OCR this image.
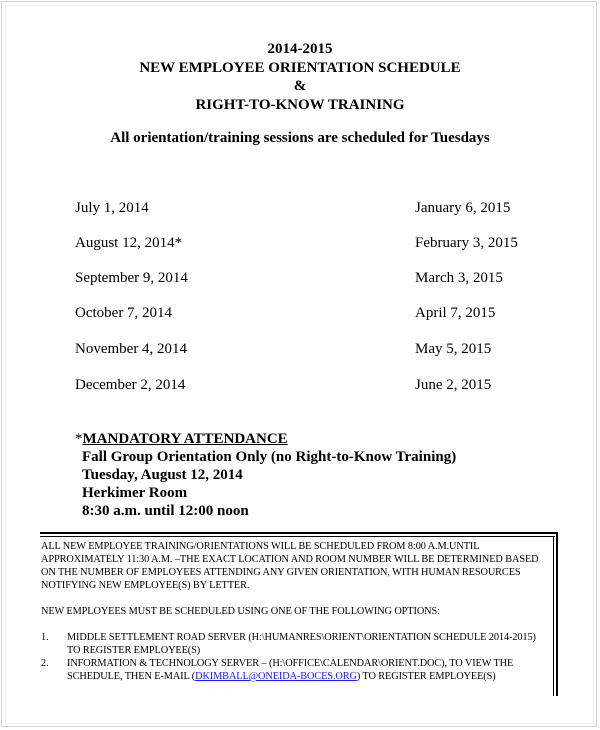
2014-2015
NEW EMPLOYEE ORIENTATION SCHEDULE
&
RIGHT-TO-KNOW TRAINING
All orientation/training sessions are scheduled for Tuesdays
July 1, 2014
August 12, 2014*
September 9, 2014
October 7, 2014
November 4, 2014
December 2, 2014
January 6, 2015
February 3, 2015
March 3, 2015
April 7, 2015
May 5, 2015
June 2, 2015
*MANDATORY ATTENDANCE
Fall Group Orientation Only (no Right-to-Know Training)
Tuesday, August 12, 2014
Herkimer Room
8:30 a.m. until 12:00 noon

ALL NEW EMPLOYEE TRAINING/ORIENTATIONS WILL BE SCHEDULED FROM 8:00 A.M.UNTIL APPROXIMATELY 11:30 A.M. –THE EXACT LOCATION AND ROOM NUMBER WILL BE DETERMINED BASED ON THE NUMBER OF EMPLOYEES ATTENDING ANY GIVEN ORIENTATION, WITH HUMAN RESOURCES NOTIFYING NEW EMPLOYEE(S) BY LETTER.

NEW EMPLOYEES MUST BE SCHEDULED USING ONE OF THE FOLLOWING OPTIONS:

1.	MIDDLE SETTLEMENT ROAD SERVER (H:\HUMANRES\ORIENT\ORIENTATION SCHEDULE 2014-2015) TO REGISTER EMPLOYEE(S)
2.	INFORMATION & TECHNOLOGY SERVER – (H:\OFFICE\CALENDAR\ORIENT.DOC), TO VIEW THE SCHEDULE, THEN E-MAIL (DKIMBALL@ONEIDA-BOCES.ORG) TO REGISTER EMPLOYEE(S)
